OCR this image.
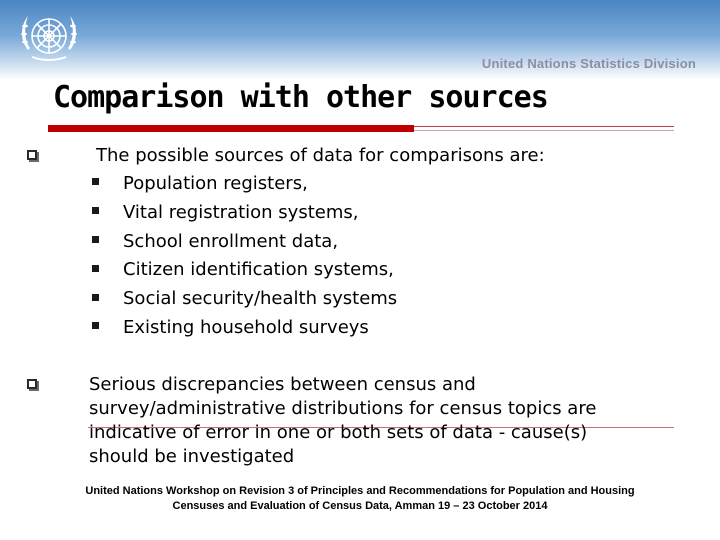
United Nations Statistics Division
Comparison with other sources
The possible sources of data for comparisons are:
Population registers,
Vital registration systems,
School enrollment data,
Citizen identification systems,
Social security/health systems
Existing household surveys
Serious discrepancies between census and
survey/administrative distributions for census topics are
indicative of error in one or both sets of data - cause(s)
should be investigated
United Nations Workshop on Revision 3 of Principles and Recommendations for Population and Housing
Censuses and Evaluation of Census Data, Amman 19 – 23 October 2014
